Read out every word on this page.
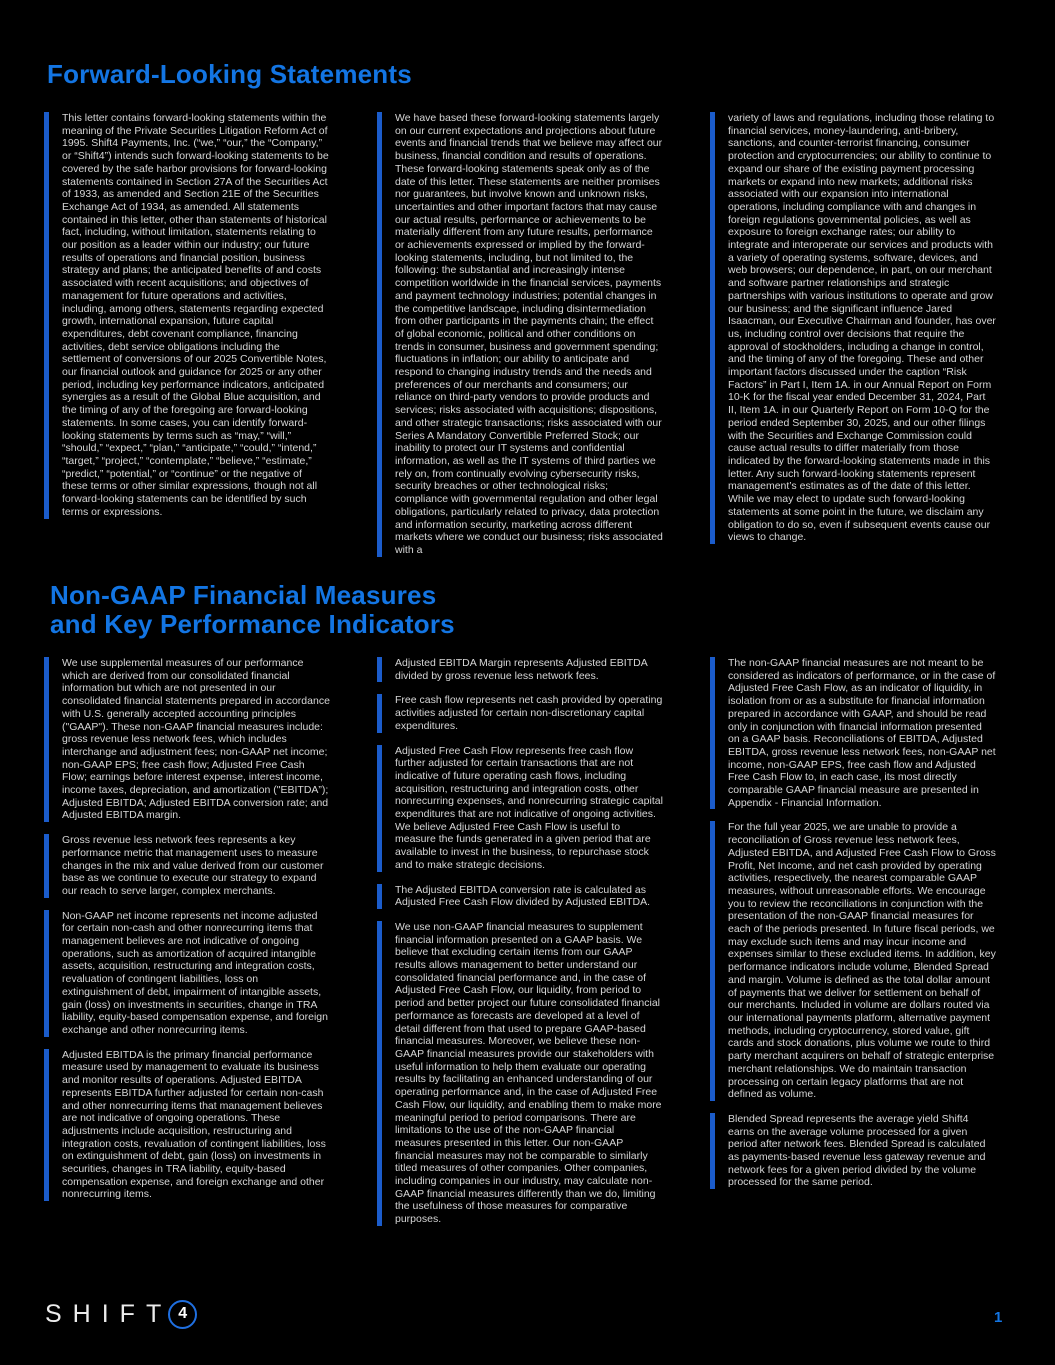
Forward-Looking Statements

This letter contains forward-looking statements within the meaning of the Private Securities Litigation Reform Act of 1995. Shift4 Payments, Inc. (“we,” “our,” the “Company,” or “Shift4”) intends such forward-looking statements to be covered by the safe harbor provisions for forward-looking statements contained in Section 27A of the Securities Act of 1933, as amended and Section 21E of the Securities Exchange Act of 1934, as amended. All statements contained in this letter, other than statements of historical fact, including, without limitation, statements relating to our position as a leader within our industry; our future results of operations and financial position, business strategy and plans; the anticipated benefits of and costs associated with recent acquisitions; and objectives of management for future operations and activities, including, among others, statements regarding expected growth, international expansion, future capital expenditures, debt covenant compliance, financing activities, debt service obligations including the settlement of conversions of our 2025 Convertible Notes, our financial outlook and guidance for 2025 or any other period, including key performance indicators, anticipated synergies as a result of the Global Blue acquisition, and the timing of any of the foregoing are forward-looking statements. In some cases, you can identify forward-looking statements by terms such as “may,” “will,” “should,” “expect,” “plan,” “anticipate,” “could,” “intend,” “target,” “project,” “contemplate,” “believe,” “estimate,” “predict,” “potential,” or “continue” or the negative of these terms or other similar expressions, though not all forward-looking statements can be identified by such terms or expressions.

We have based these forward-looking statements largely on our current expectations and projections about future events and financial trends that we believe may affect our business, financial condition and results of operations. These forward-looking statements speak only as of the date of this letter. These statements are neither promises nor guarantees, but involve known and unknown risks, uncertainties and other important factors that may cause our actual results, performance or achievements to be materially different from any future results, performance or achievements expressed or implied by the forward-looking statements, including, but not limited to, the following: the substantial and increasingly intense competition worldwide in the financial services, payments and payment technology industries; potential changes in the competitive landscape, including disintermediation from other participants in the payments chain; the effect of global economic, political and other conditions on trends in consumer, business and government spending; fluctuations in inflation; our ability to anticipate and respond to changing industry trends and the needs and preferences of our merchants and consumers; our reliance on third-party vendors to provide products and services; risks associated with acquisitions; dispositions, and other strategic transactions; risks associated with our Series A Mandatory Convertible Preferred Stock; our inability to protect our IT systems and confidential information, as well as the IT systems of third parties we rely on, from continually evolving cybersecurity risks, security breaches or other technological risks; compliance with governmental regulation and other legal obligations, particularly related to privacy, data protection and information security, marketing across different markets where we conduct our business; risks associated with a

variety of laws and regulations, including those relating to financial services, money-laundering, anti-bribery, sanctions, and counter-terrorist financing, consumer protection and cryptocurrencies; our ability to continue to expand our share of the existing payment processing markets or expand into new markets; additional risks associated with our expansion into international operations, including compliance with and changes in foreign regulations governmental policies, as well as exposure to foreign exchange rates; our ability to integrate and interoperate our services and products with a variety of operating systems, software, devices, and web browsers; our dependence, in part, on our merchant and software partner relationships and strategic partnerships with various institutions to operate and grow our business; and the significant influence Jared Isaacman, our Executive Chairman and founder, has over us, including control over decisions that require the approval of stockholders, including a change in control, and the timing of any of the foregoing. These and other important factors discussed under the caption “Risk Factors” in Part I, Item 1A. in our Annual Report on Form 10-K for the fiscal year ended December 31, 2024, Part II, Item 1A. in our Quarterly Report on Form 10-Q for the period ended September 30, 2025, and our other filings with the Securities and Exchange Commission could cause actual results to differ materially from those indicated by the forward-looking statements made in this letter. Any such forward-looking statements represent management’s estimates as of the date of this letter. While we may elect to update such forward-looking statements at some point in the future, we disclaim any obligation to do so, even if subsequent events cause our views to change.

Non-GAAP Financial Measures
and Key Performance Indicators

We use supplemental measures of our performance which are derived from our consolidated financial information but which are not presented in our consolidated financial statements prepared in accordance with U.S. generally accepted accounting principles ("GAAP"). These non-GAAP financial measures include: gross revenue less network fees, which includes interchange and adjustment fees; non-GAAP net income; non-GAAP EPS; free cash flow; Adjusted Free Cash Flow; earnings before interest expense, interest income, income taxes, depreciation, and amortization ("EBITDA”); Adjusted EBITDA; Adjusted EBITDA conversion rate; and Adjusted EBITDA margin.

Gross revenue less network fees represents a key performance metric that management uses to measure changes in the mix and value derived from our customer base as we continue to execute our strategy to expand our reach to serve larger, complex merchants.

Non-GAAP net income represents net income adjusted for certain non-cash and other nonrecurring items that management believes are not indicative of ongoing operations, such as amortization of acquired intangible assets, acquisition, restructuring and integration costs, revaluation of contingent liabilities, loss on extinguishment of debt, impairment of intangible assets, gain (loss) on investments in securities, change in TRA liability, equity-based compensation expense, and foreign exchange and other nonrecurring items.

Adjusted EBITDA is the primary financial performance measure used by management to evaluate its business and monitor results of operations. Adjusted EBITDA represents EBITDA further adjusted for certain non-cash and other nonrecurring items that management believes are not indicative of ongoing operations. These adjustments include acquisition, restructuring and integration costs, revaluation of contingent liabilities, loss on extinguishment of debt, gain (loss) on investments in securities, changes in TRA liability, equity-based compensation expense, and foreign exchange and other nonrecurring items.

Adjusted EBITDA Margin represents Adjusted EBITDA divided by gross revenue less network fees.

Free cash flow represents net cash provided by operating activities adjusted for certain non-discretionary capital expenditures.

Adjusted Free Cash Flow represents free cash flow further adjusted for certain transactions that are not indicative of future operating cash flows, including acquisition, restructuring and integration costs, other nonrecurring expenses, and nonrecurring strategic capital expenditures that are not indicative of ongoing activities. We believe Adjusted Free Cash Flow is useful to measure the funds generated in a given period that are available to invest in the business, to repurchase stock and to make strategic decisions.

The Adjusted EBITDA conversion rate is calculated as Adjusted Free Cash Flow divided by Adjusted EBITDA.

We use non-GAAP financial measures to supplement financial information presented on a GAAP basis. We believe that excluding certain items from our GAAP results allows management to better understand our consolidated financial performance and, in the case of Adjusted Free Cash Flow, our liquidity, from period to period and better project our future consolidated financial performance as forecasts are developed at a level of detail different from that used to prepare GAAP-based financial measures. Moreover, we believe these non-GAAP financial measures provide our stakeholders with useful information to help them evaluate our operating results by facilitating an enhanced understanding of our operating performance and, in the case of Adjusted Free Cash Flow, our liquidity, and enabling them to make more meaningful period to period comparisons. There are limitations to the use of the non-GAAP financial measures presented in this letter. Our non-GAAP financial measures may not be comparable to similarly titled measures of other companies. Other companies, including companies in our industry, may calculate non-GAAP financial measures differently than we do, limiting the usefulness of those measures for comparative purposes.

The non-GAAP financial measures are not meant to be considered as indicators of performance, or in the case of Adjusted Free Cash Flow, as an indicator of liquidity, in isolation from or as a substitute for financial information prepared in accordance with GAAP, and should be read only in conjunction with financial information presented on a GAAP basis. Reconciliations of EBITDA, Adjusted EBITDA, gross revenue less network fees, non-GAAP net income, non-GAAP EPS, free cash flow and Adjusted Free Cash Flow to, in each case, its most directly comparable GAAP financial measure are presented in Appendix - Financial Information.

For the full year 2025, we are unable to provide a reconciliation of Gross revenue less network fees, Adjusted EBITDA, and Adjusted Free Cash Flow to Gross Profit, Net Income, and net cash provided by operating activities, respectively, the nearest comparable GAAP measures, without unreasonable efforts. We encourage you to review the reconciliations in conjunction with the presentation of the non-GAAP financial measures for each of the periods presented. In future fiscal periods, we may exclude such items and may incur income and expenses similar to these excluded items. In addition, key performance indicators include volume, Blended Spread and margin. Volume is defined as the total dollar amount of payments that we deliver for settlement on behalf of our merchants. Included in volume are dollars routed via our international payments platform, alternative payment methods, including cryptocurrency, stored value, gift cards and stock donations, plus volume we route to third party merchant acquirers on behalf of strategic enterprise merchant relationships. We do maintain transaction processing on certain legacy platforms that are not defined as volume.

Blended Spread represents the average yield Shift4 earns on the average volume processed for a given period after network fees. Blended Spread is calculated as payments-based revenue less gateway revenue and network fees for a given period divided by the volume processed for the same period.

SHIFT 4	1
